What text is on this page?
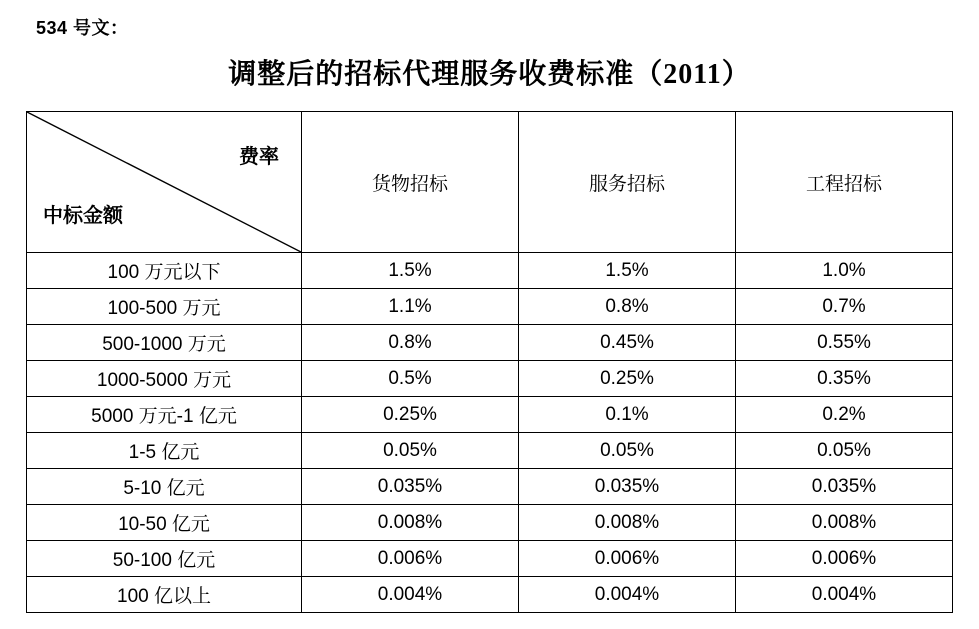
534 号文：
调整后的招标代理服务收费标准（2011）
费率
中标金额	货物招标	服务招标	工程招标
100 万元以下	1.5%	1.5%	1.0%
100-500 万元	1.1%	0.8%	0.7%
500-1000 万元	0.8%	0.45%	0.55%
1000-5000 万元	0.5%	0.25%	0.35%
5000 万元-1 亿元	0.25%	0.1%	0.2%
1-5 亿元	0.05%	0.05%	0.05%
5-10 亿元	0.035%	0.035%	0.035%
10-50 亿元	0.008%	0.008%	0.008%
50-100 亿元	0.006%	0.006%	0.006%
100 亿以上	0.004%	0.004%	0.004%
